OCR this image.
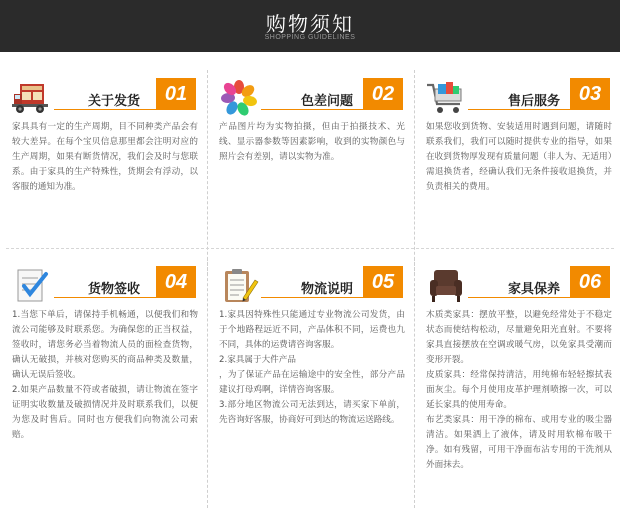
购物须知
SHOPPING GUIDELINES
关于发货	01
家具具有一定的生产周期，目不同种类产品会有较大差异。在每个宝贝信息那里都会注明对应的生产周期，如果有断货情况，我们会及时与您联系。由于家具的生产特殊性，货期会有浮动，以客服的通知为准。
色差问题 02
产品图片均为实物拍摄，但由于拍摄技术、光线、显示器参数等因素影响，收到的实物颜色与照片会有差别，请以实物为准。
售后服务 03
如果您收到货物、安装适用时遇到问题，请随时联系我们，我们可以随时提供专业的指导，如果在收到货物厚发现有质量问题（非人为、无适用）需退换货者，经确认我们无条件接收退换货，并负责相关的费用。
货物签收	04
1.当您下单后，请保持手机畅通，以便我们和物流公司能够及时联系您。为确保您的正当权益，签收时，请您务必当着物流人员的面检查货物，确认无破损，并核对您购买的商品种类及数量，确认无误后签收。
2.如果产品数量不符或者破损，请让物流在签字证明实收数量及破损情况并及时联系我们，以便为您及时售后。同时也方便我们向物流公司索赔。
物流说明 05
1.家具因特殊性只能通过专业物流公司发货，由于个地路程远近不同，产品体积不同，运费也九不同，具体的运费请咨询客服。
2.家具属于大件产品
，为了保证产品在运输途中的安全性，部分产品建议打母鸡啊，详情咨询客服。
3.部分地区物流公司无法到达，请买家下单前，先咨询好客服，协商好可到达的物流运送路线。
家具保养 06
木质类家具：摆放平整，以避免经常处于不稳定状态而使结构松动，尽量避免阳光直射。不要将家具直接摆放在空调或暖气房，以免家具受潮而变形开裂。
皮质家具：经常保持清洁，用纯棉布轻轻擦拭表面灰尘。每个月使用皮革护理剂喷擦一次，可以延长家具的使用寿命。
布艺类家具：用干净的棉布、或用专业的吸尘器清洁。如果洒上了液体，请及时用软棉布吸干净。如有残留，可用干净面布沾专用的干洗剂从外面抹去。
